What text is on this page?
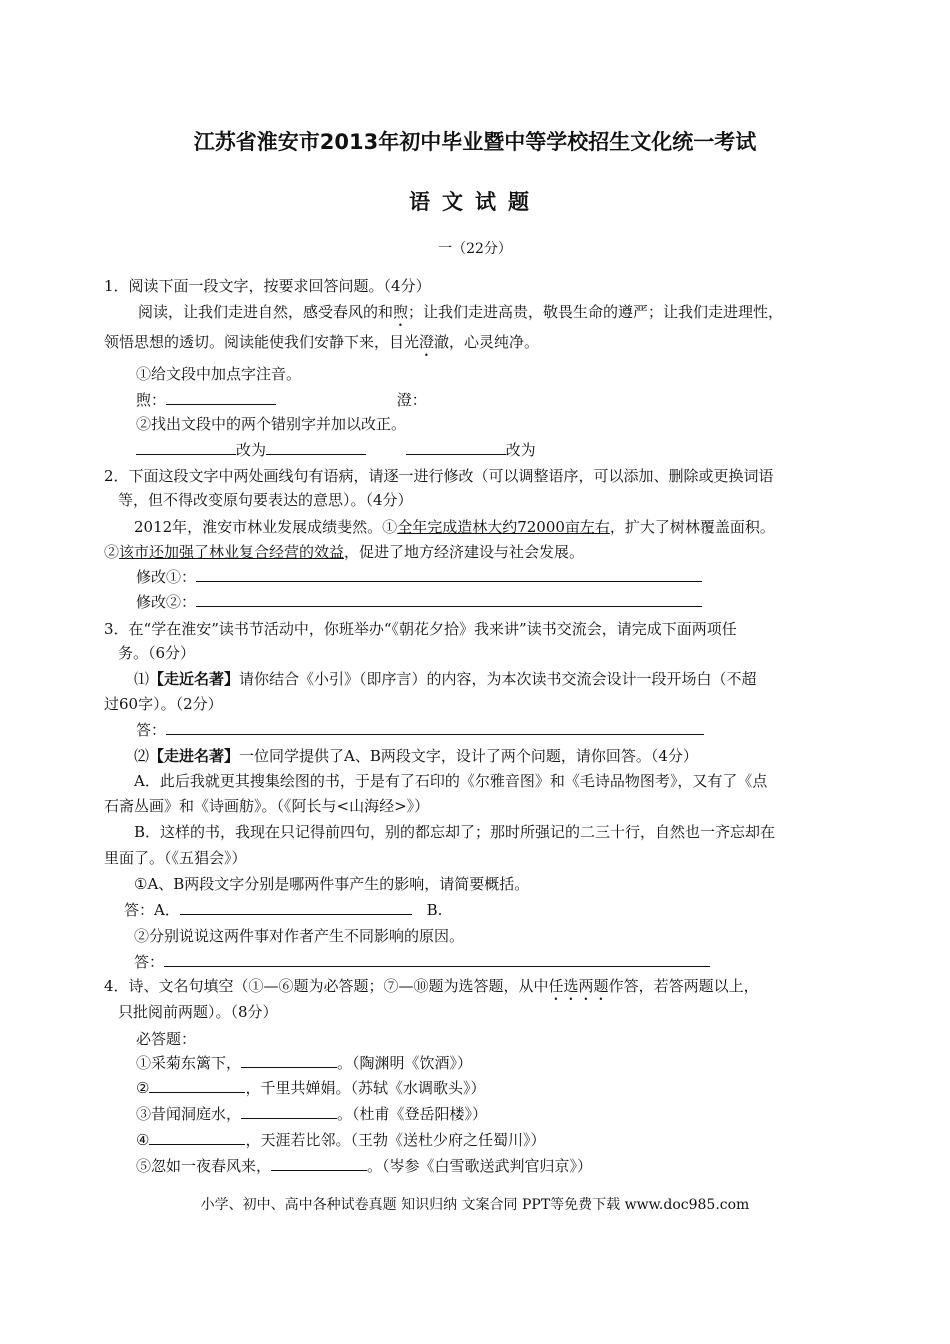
江苏省淮安市2013年初中毕业暨中等学校招生文化统一考试
语文试题
一（22分）
1．阅读下面一段文字，按要求回答问题。（4分）
阅读，让我们走进自然，感受春风的和煦；让我们走进高贵，敬畏生命的遵严；让我们走进理性，
领悟思想的透切。阅读能使我们安静下来，目光澄澈，心灵纯净。
①给文段中加点字注音。
煦：	澄：
②找出文段中的两个错别字并加以改正。
改为	改为
2．下面这段文字中两处画线句有语病，请逐一进行修改（可以调整语序，可以添加、删除或更换词语
等，但不得改变原句要表达的意思）。（4分）
2012年，淮安市林业发展成绩斐然。①全年完成造林大约72000亩左右，扩大了树林覆盖面积。
②该市还加强了林业复合经营的效益，促进了地方经济建设与社会发展。
修改①：
修改②：
3．在“学在淮安”读书节活动中，你班举办“《朝花夕拾》我来讲”读书交流会，请完成下面两项任
务。（6分）
⑴【走近名著】请你结合《小引》（即序言）的内容，为本次读书交流会设计一段开场白（不超
过60字）。（2分）
答：
⑵【走进名著】一位同学提供了A、B两段文字，设计了两个问题，请你回答。（4分）
A．此后我就更其搜集绘图的书，于是有了石印的《尔雅音图》和《毛诗品物图考》，又有了《点
石斋丛画》和《诗画舫》。（《阿长与<山海经>》）
B．这样的书，我现在只记得前四句，别的都忘却了；那时所强记的二三十行，自然也一齐忘却在
里面了。（《五猖会》）
①A、B两段文字分别是哪两件事产生的影响，请简要概括。
答：A．	B.
②分别说说这两件事对作者产生不同影响的原因。
答：
4．诗、文名句填空（①—⑥题为必答题；⑦—⑩题为选答题，从中任选两题作答，若答两题以上，
只批阅前两题）。（8分）
必答题：
①采菊东篱下，	。（陶渊明《饮酒》）
②	，千里共婵娟。（苏轼《水调歌头》）
③昔闻洞庭水，	。（杜甫《登岳阳楼》）
④	，天涯若比邻。（王勃《送杜少府之任蜀川》）
⑤忽如一夜春风来，	。（岑参《白雪歌送武判官归京》）
小学、初中、高中各种试卷真题 知识归纳 文案合同 PPT等免费下载 www.doc985.com
